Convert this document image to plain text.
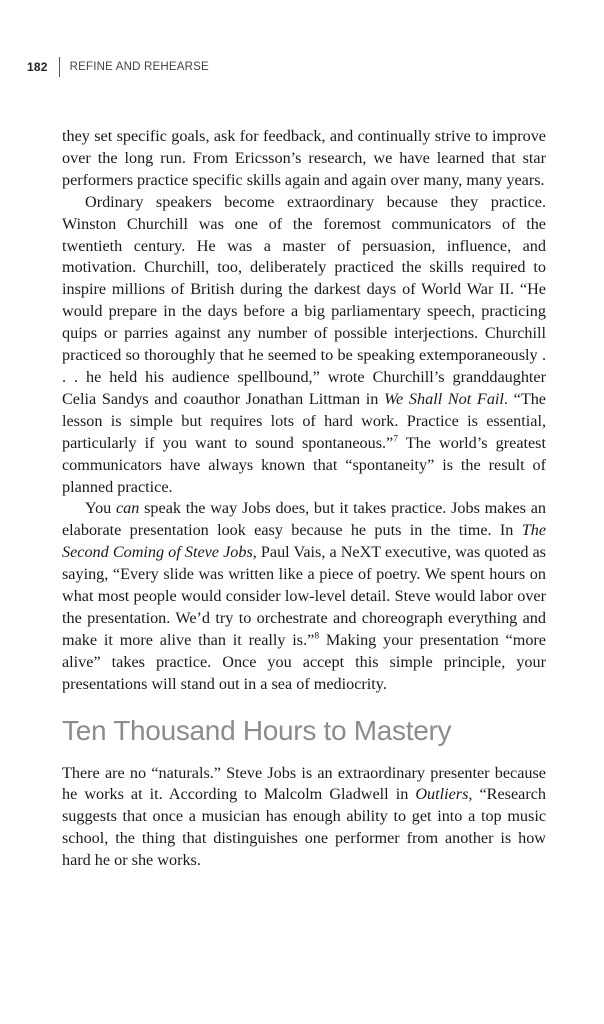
182 REFINE AND REHEARSE

they set specific goals, ask for feedback, and continually strive to improve over the long run. From Ericsson’s research, we have learned that star performers practice specific skills again and again over many, many years.

Ordinary speakers become extraordinary because they practice. Winston Churchill was one of the foremost communicators of the twentieth century. He was a master of persuasion, influence, and motivation. Churchill, too, deliberately practiced the skills required to inspire millions of British during the darkest days of World War II. “He would prepare in the days before a big parliamentary speech, practicing quips or parries against any number of possible interjections. Churchill practiced so thoroughly that he seemed to be speaking extemporaneously . . . he held his audience spellbound,” wrote Churchill’s granddaughter Celia Sandys and coauthor Jonathan Littman in We Shall Not Fail. “The lesson is simple but requires lots of hard work. Practice is essential, particularly if you want to sound spontaneous.”$^7$ The world’s greatest communicators have always known that “spontaneity” is the result of planned practice.

You can speak the way Jobs does, but it takes practice. Jobs makes an elaborate presentation look easy because he puts in the time. In The Second Coming of Steve Jobs, Paul Vais, a NeXT executive, was quoted as saying, “Every slide was written like a piece of poetry. We spent hours on what most people would consider low-level detail. Steve would labor over the presentation. We’d try to orchestrate and choreograph everything and make it more alive than it really is.”$^8$ Making your presentation “more alive” takes practice. Once you accept this simple principle, your presentations will stand out in a sea of mediocrity.

Ten Thousand Hours to Mastery

There are no “naturals.” Steve Jobs is an extraordinary presenter because he works at it. According to Malcolm Gladwell in Outliers, “Research suggests that once a musician has enough ability to get into a top music school, the thing that distinguishes one performer from another is how hard he or she works.
